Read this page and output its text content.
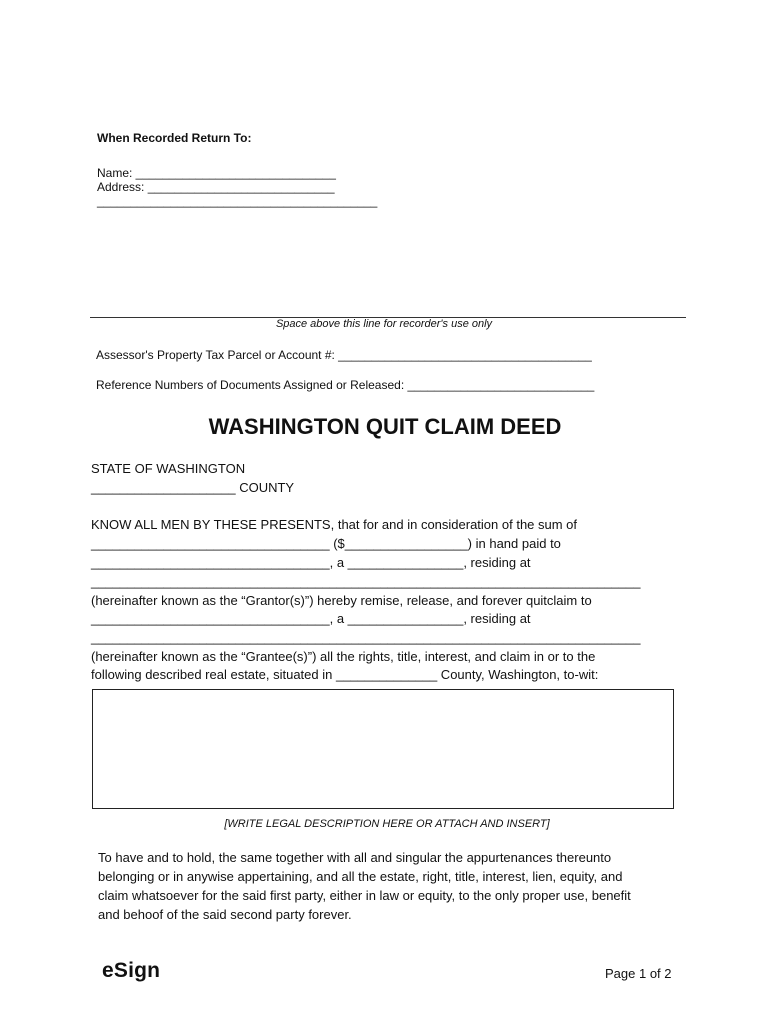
When Recorded Return To:
Name: ______________________________
Address: ____________________________
__________________________________________
Space above this line for recorder's use only
Assessor's Property Tax Parcel or Account #: ______________________________________
Reference Numbers of Documents Assigned or Released: ____________________________
WASHINGTON QUIT CLAIM DEED
STATE OF WASHINGTON
____________________ COUNTY
KNOW ALL MEN BY THESE PRESENTS, that for and in consideration of the sum of
_________________________________ ($_________________) in hand paid to
_________________________________, a ________________, residing at
____________________________________________________________________________
(hereinafter known as the “Grantor(s)”) hereby remise, release, and forever quitclaim to
_________________________________, a ________________, residing at
____________________________________________________________________________
(hereinafter known as the “Grantee(s)”) all the rights, title, interest, and claim in or to the
following described real estate, situated in ______________ County, Washington, to-wit:
[WRITE LEGAL DESCRIPTION HERE OR ATTACH AND INSERT]
To have and to hold, the same together with all and singular the appurtenances thereunto
belonging or in anywise appertaining, and all the estate, right, title, interest, lien, equity, and
claim whatsoever for the said first party, either in law or equity, to the only proper use, benefit
and behoof of the said second party forever.
eSign	Page 1 of 2
